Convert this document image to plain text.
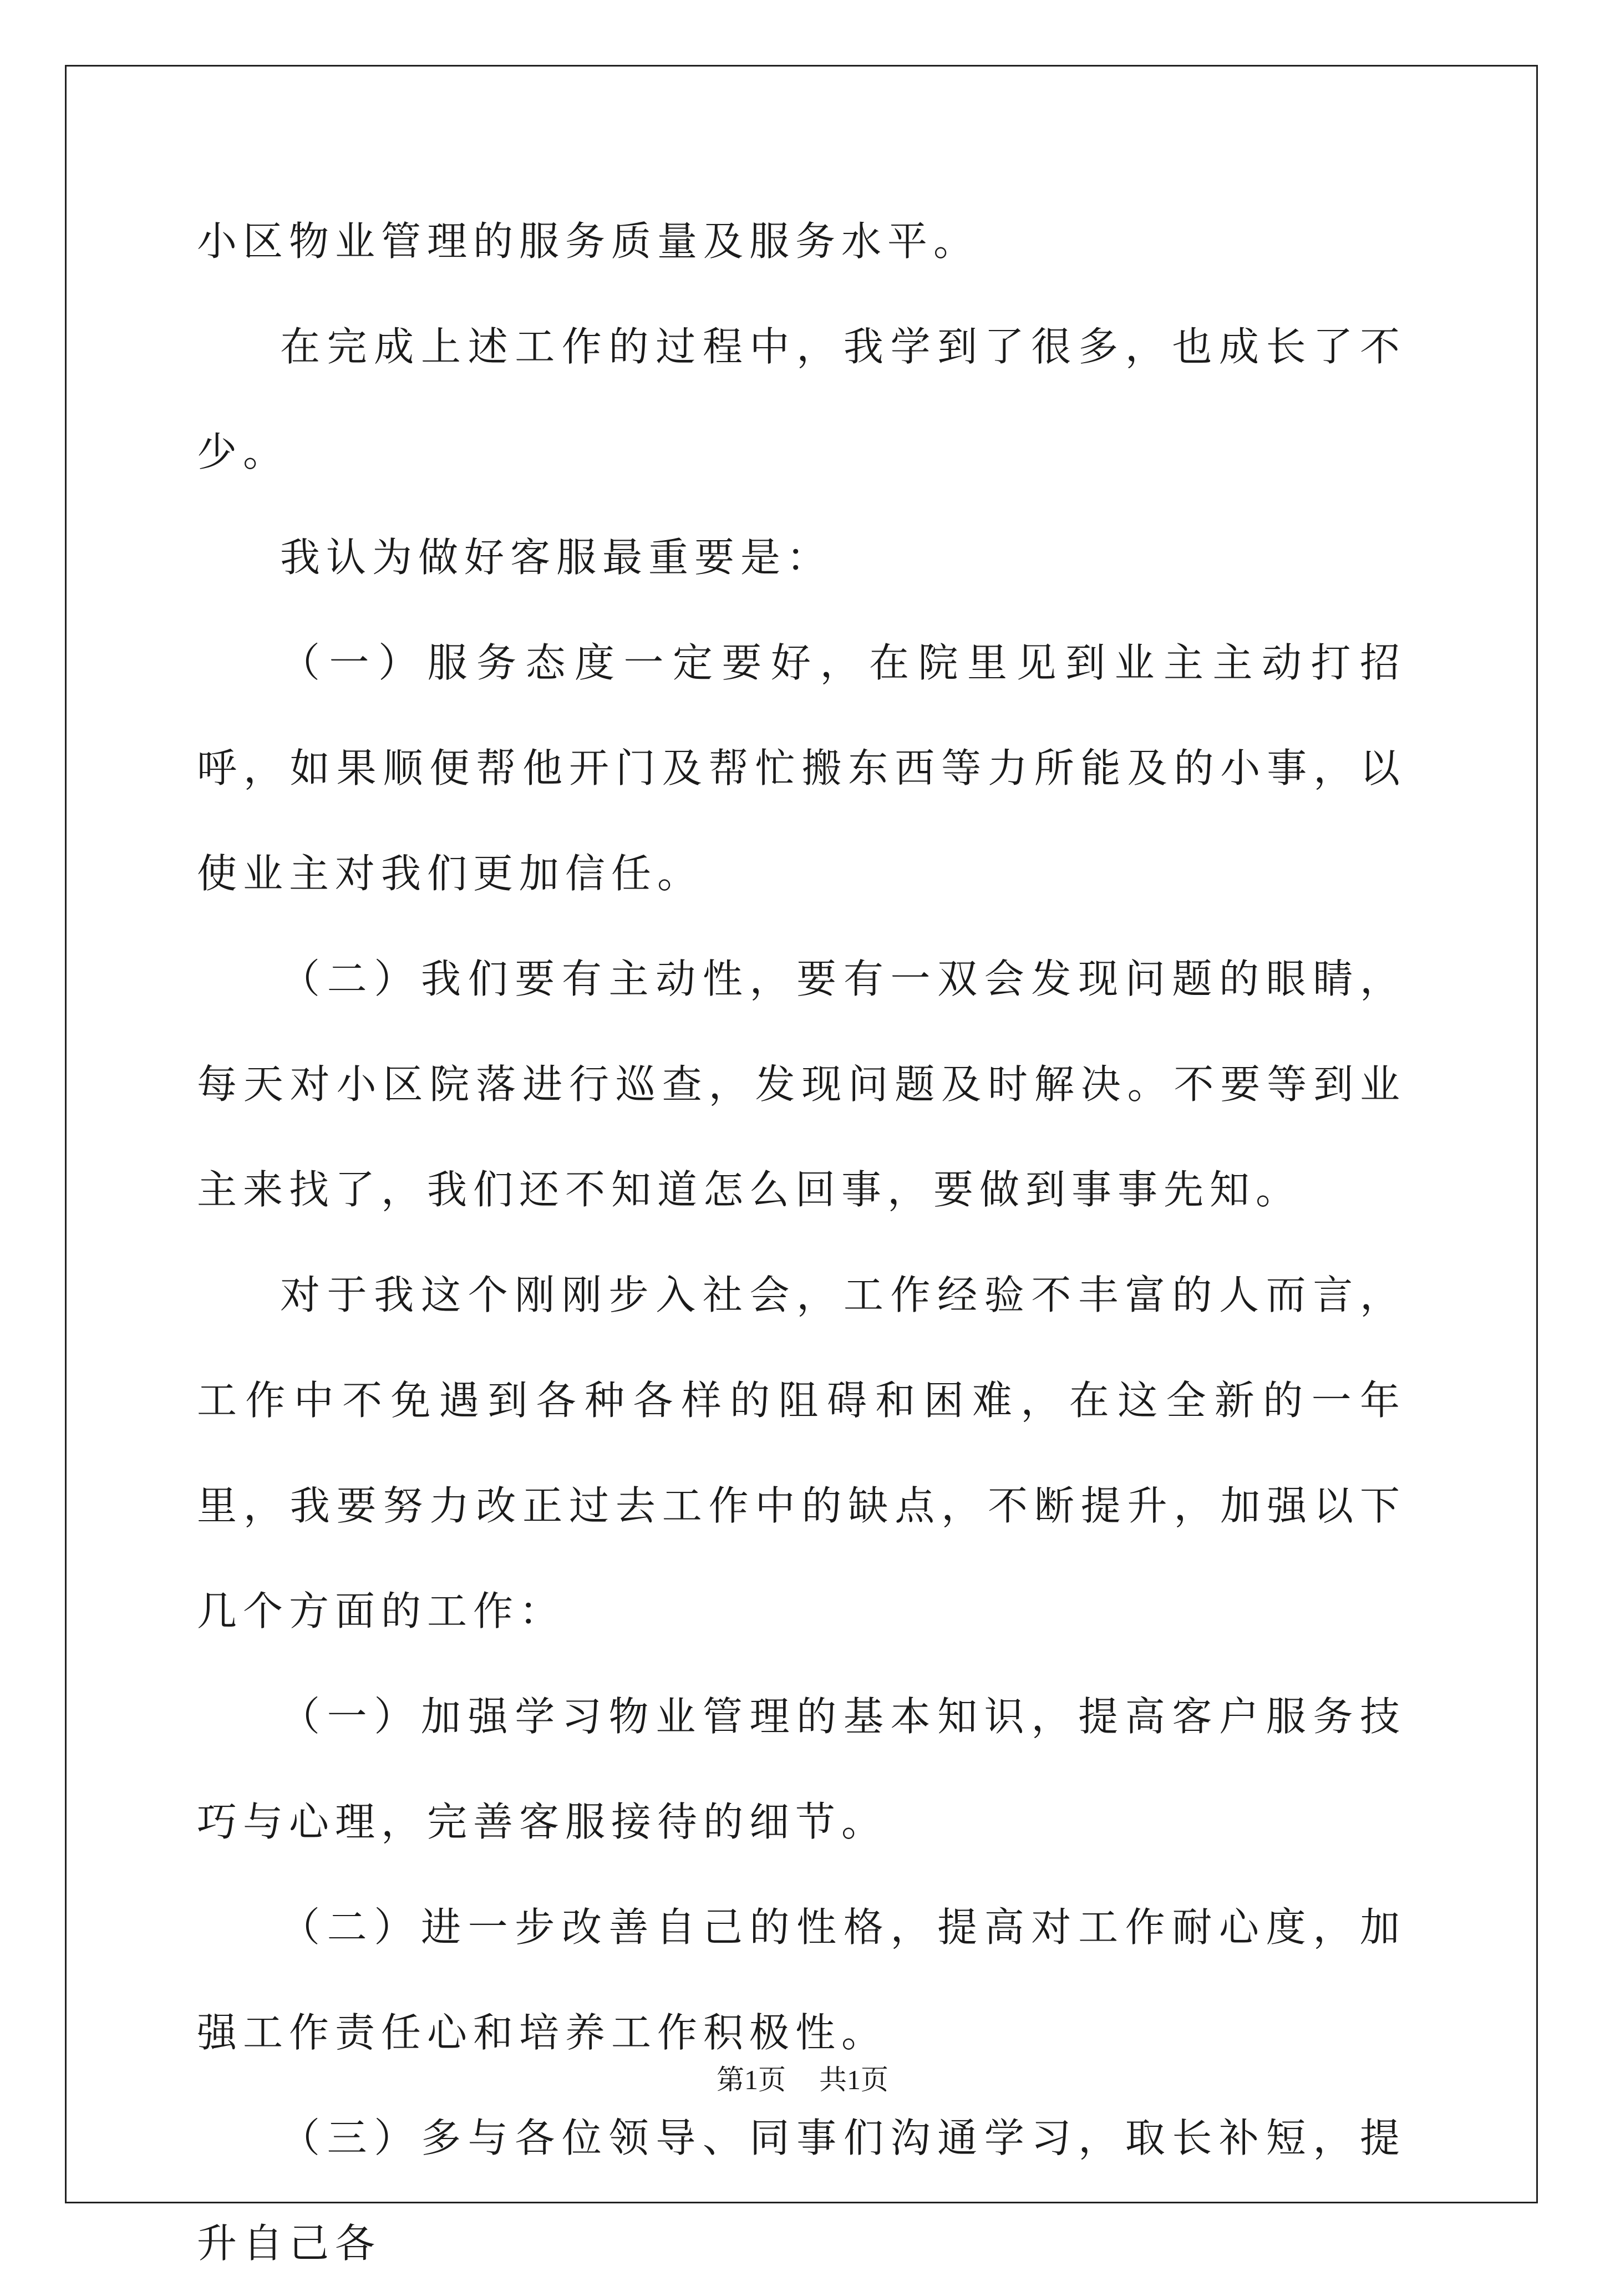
小区物业管理的服务质量及服务水平。

在完成上述工作的过程中，我学到了很多，也成长了不少。

我认为做好客服最重要是：

（一）服务态度一定要好，在院里见到业主主动打招呼，如果顺便帮他开门及帮忙搬东西等力所能及的小事，以使业主对我们更加信任。

（二）我们要有主动性，要有一双会发现问题的眼睛，每天对小区院落进行巡查，发现问题及时解决。不要等到业主来找了，我们还不知道怎么回事，要做到事事先知。

对于我这个刚刚步入社会，工作经验不丰富的人而言，工作中不免遇到各种各样的阻碍和困难，在这全新的一年里，我要努力改正过去工作中的缺点，不断提升，加强以下几个方面的工作：

（一）加强学习物业管理的基本知识，提高客户服务技巧与心理，完善客服接待的细节。

（二）进一步改善自己的性格，提高对工作耐心度，加强工作责任心和培养工作积极性。

（三）多与各位领导、同事们沟通学习，取长补短，提升自己各

第1页 共1页
